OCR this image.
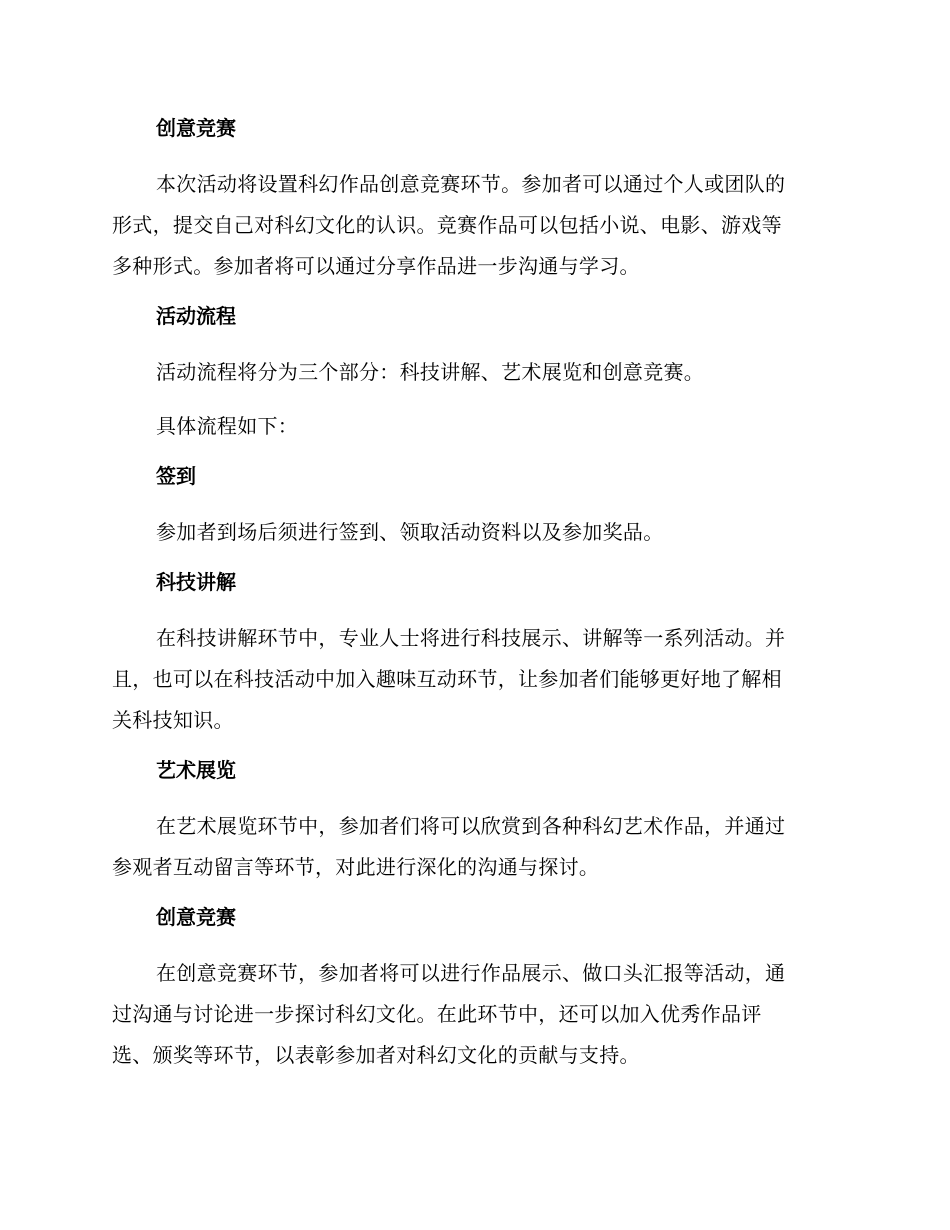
创意竞赛
本次活动将设置科幻作品创意竞赛环节。参加者可以通过个人或团队的
形式，提交自己对科幻文化的认识。竞赛作品可以包括小说、电影、游戏等
多种形式。参加者将可以通过分享作品进一步沟通与学习。
活动流程
活动流程将分为三个部分：科技讲解、艺术展览和创意竞赛。
具体流程如下：
签到
参加者到场后须进行签到、领取活动资料以及参加奖品。
科技讲解
在科技讲解环节中，专业人士将进行科技展示、讲解等一系列活动。并
且，也可以在科技活动中加入趣味互动环节，让参加者们能够更好地了解相
关科技知识。
艺术展览
在艺术展览环节中，参加者们将可以欣赏到各种科幻艺术作品，并通过
参观者互动留言等环节，对此进行深化的沟通与探讨。
创意竞赛
在创意竞赛环节，参加者将可以进行作品展示、做口头汇报等活动，通
过沟通与讨论进一步探讨科幻文化。在此环节中，还可以加入优秀作品评
选、颁奖等环节，以表彰参加者对科幻文化的贡献与支持。
